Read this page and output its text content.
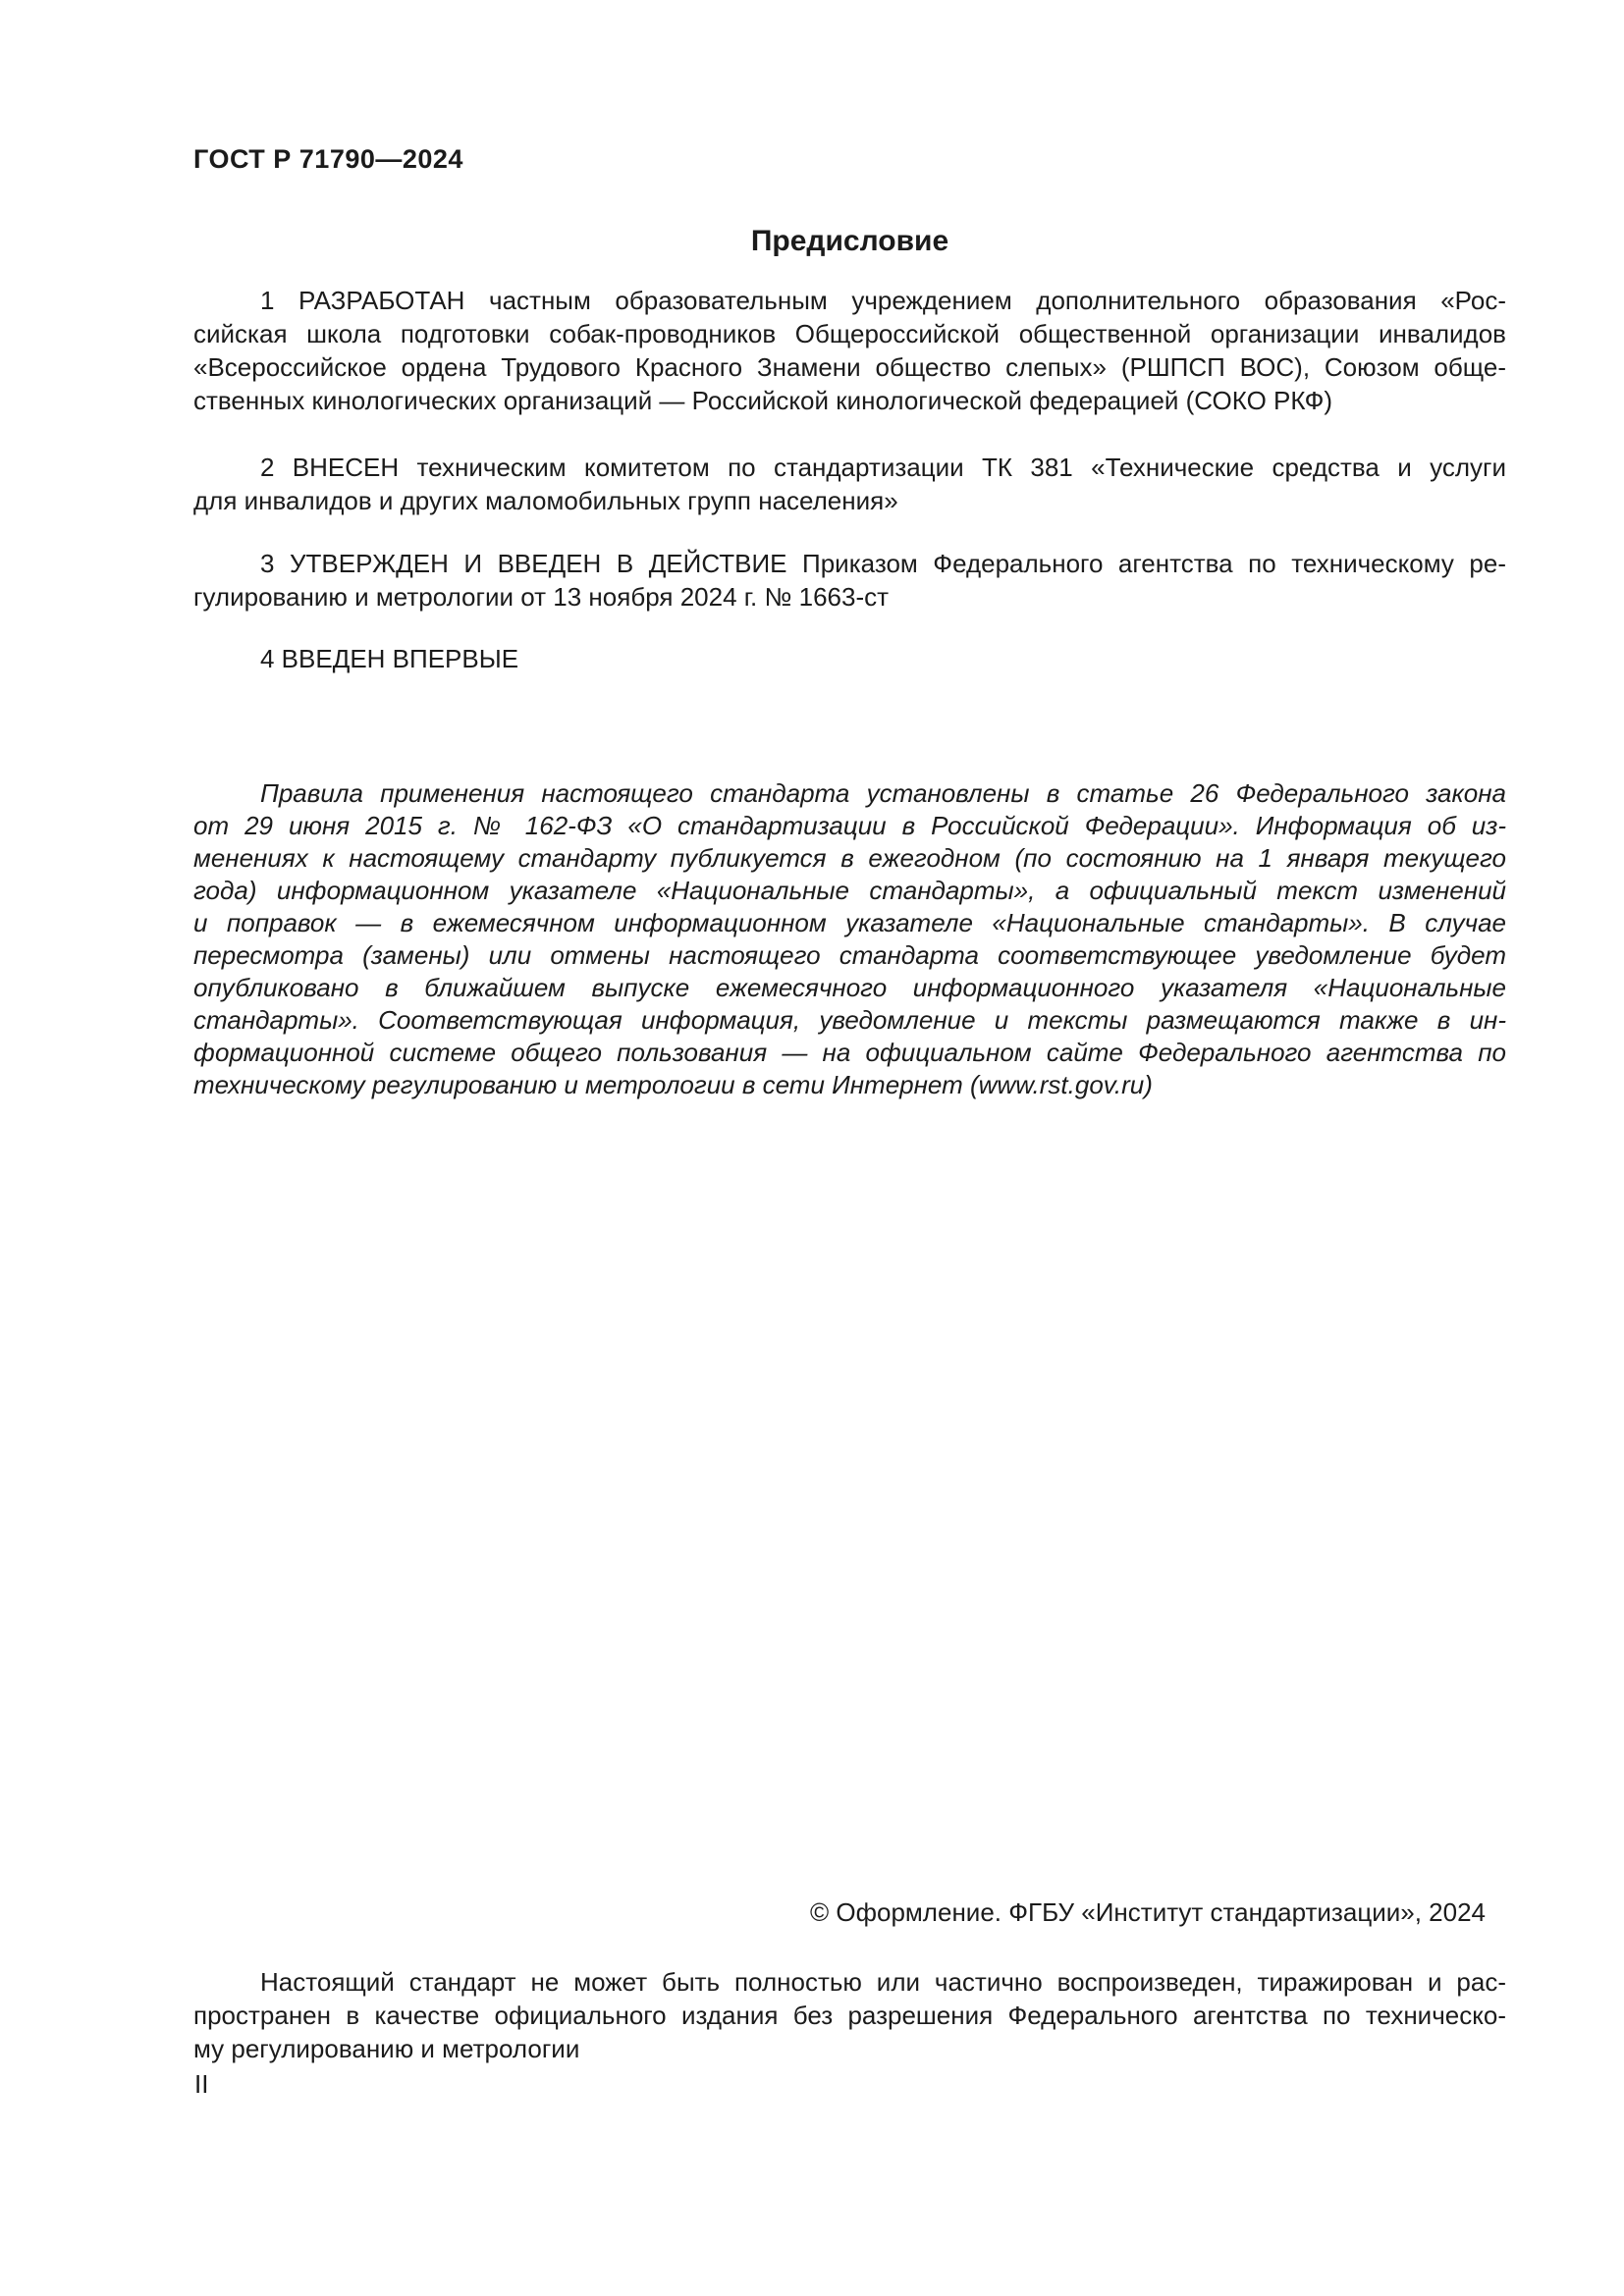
ГОСТ Р 71790—2024
Предисловие
1 РАЗРАБОТАН частным образовательным учреждением дополнительного образования «Рос-
сийская школа подготовки собак-проводников Общероссийской общественной организации инвалидов
«Всероссийское ордена Трудового Красного Знамени общество слепых» (РШПСП ВОС), Союзом обще-
ственных кинологических организаций — Российской кинологической федерацией (СОКО РКФ)
2 ВНЕСЕН техническим комитетом по стандартизации ТК 381 «Технические средства и услуги
для инвалидов и других маломобильных групп населения»
3 УТВЕРЖДЕН И ВВЕДЕН В ДЕЙСТВИЕ Приказом Федерального агентства по техническому ре-
гулированию и метрологии от 13 ноября 2024 г. № 1663-ст
4 ВВЕДЕН ВПЕРВЫЕ
Правила применения настоящего стандарта установлены в статье 26 Федерального закона
от 29 июня 2015 г. № 162-ФЗ «О стандартизации в Российской Федерации». Информация об из-
менениях к настоящему стандарту публикуется в ежегодном (по состоянию на 1 января текущего
года) информационном указателе «Национальные стандарты», а официальный текст изменений
и поправок — в ежемесячном информационном указателе «Национальные стандарты». В случае
пересмотра (замены) или отмены настоящего стандарта соответствующее уведомление будет
опубликовано в ближайшем выпуске ежемесячного информационного указателя «Национальные
стандарты». Соответствующая информация, уведомление и тексты размещаются также в ин-
формационной системе общего пользования — на официальном сайте Федерального агентства по
техническому регулированию и метрологии в сети Интернет (www.rst.gov.ru)
© Оформление. ФГБУ «Институт стандартизации», 2024
Настоящий стандарт не может быть полностью или частично воспроизведен, тиражирован и рас-
пространен в качестве официального издания без разрешения Федерального агентства по техническо-
му регулированию и метрологии
II
